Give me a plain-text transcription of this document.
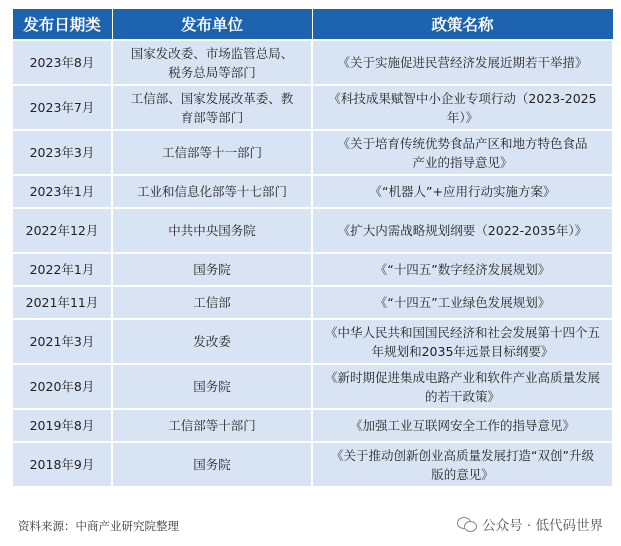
发布日期类	发布单位	政策名称
2023年8月	国家发改委、市场监管总局、税务总局等部门	《关于实施促进民营经济发展近期若干举措》
2023年7月	工信部、国家发展改革委、教育部等部门	《科技成果赋智中小企业专项行动（2023-2025年）》
2023年3月	工信部等十一部门	《关于培育传统优势食品产区和地方特色食品产业的指导意见》
2023年1月	工业和信息化部等十七部门	《“机器人”+应用行动实施方案》
2022年12月	中共中央国务院	《扩大内需战略规划纲要（2022-2035年）》
2022年1月	国务院	《“十四五”数字经济发展规划》
2021年11月	工信部	《“十四五”工业绿色发展规划》
2021年3月	发改委	《中华人民共和国国民经济和社会发展第十四个五年规划和2035年远景目标纲要》
2020年8月	国务院	《新时期促进集成电路产业和软件产业高质量发展的若干政策》
2019年8月	工信部等十部门	《加强工业互联网安全工作的指导意见》
2018年9月	国务院	《关于推动创新创业高质量发展打造“双创”升级版的意见》
资料来源：中商产业研究院整理	公众号 · 低代码世界
